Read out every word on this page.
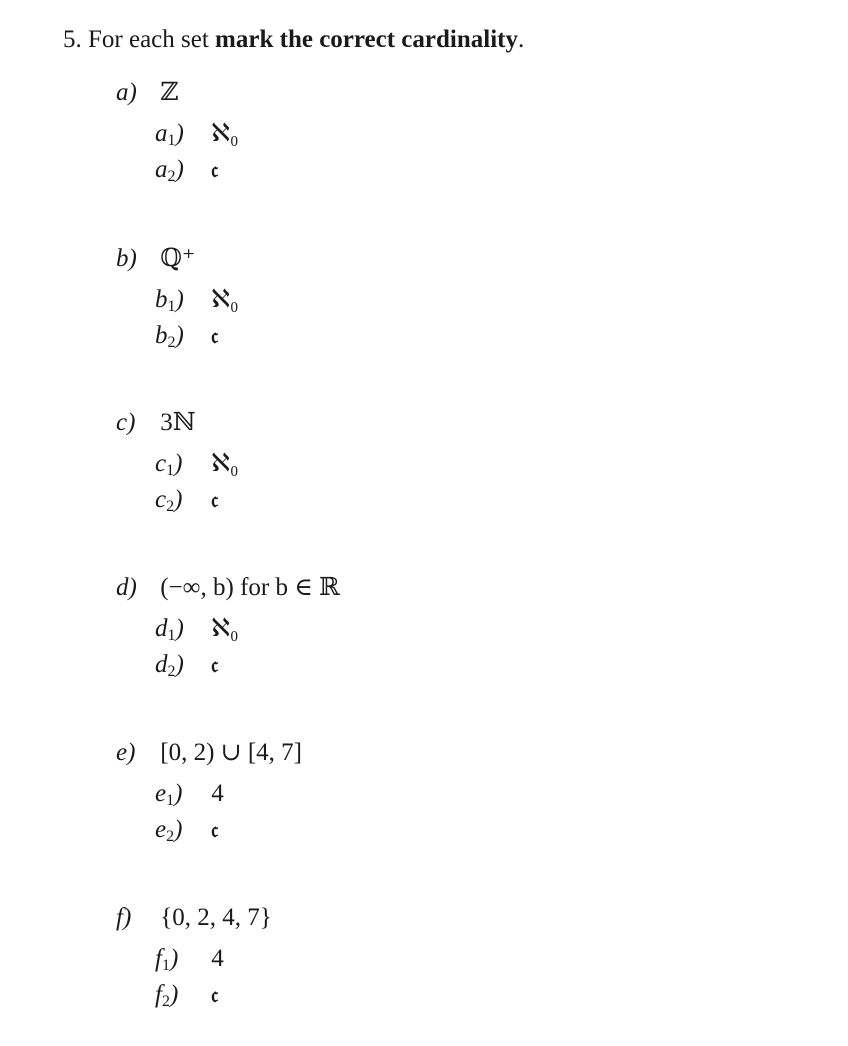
5. For each set mark the correct cardinality.
a) ℤ
$a_1$) ℵ₀
$a_2$) 𝔠
b) ℚ⁺
$b_1$) ℵ₀
$b_2$) 𝔠
c) 3ℕ
$c_1$) ℵ₀
$c_2$) 𝔠
d) (−∞, b) for b ∈ ℝ
$d_1$) ℵ₀
$d_2$) 𝔠
e) [0, 2) ∪ [4, 7]
$e_1$) 4
$e_2$) 𝔠
f) {0, 2, 4, 7}
$f_1$) 4
$f_2$) 𝔠
